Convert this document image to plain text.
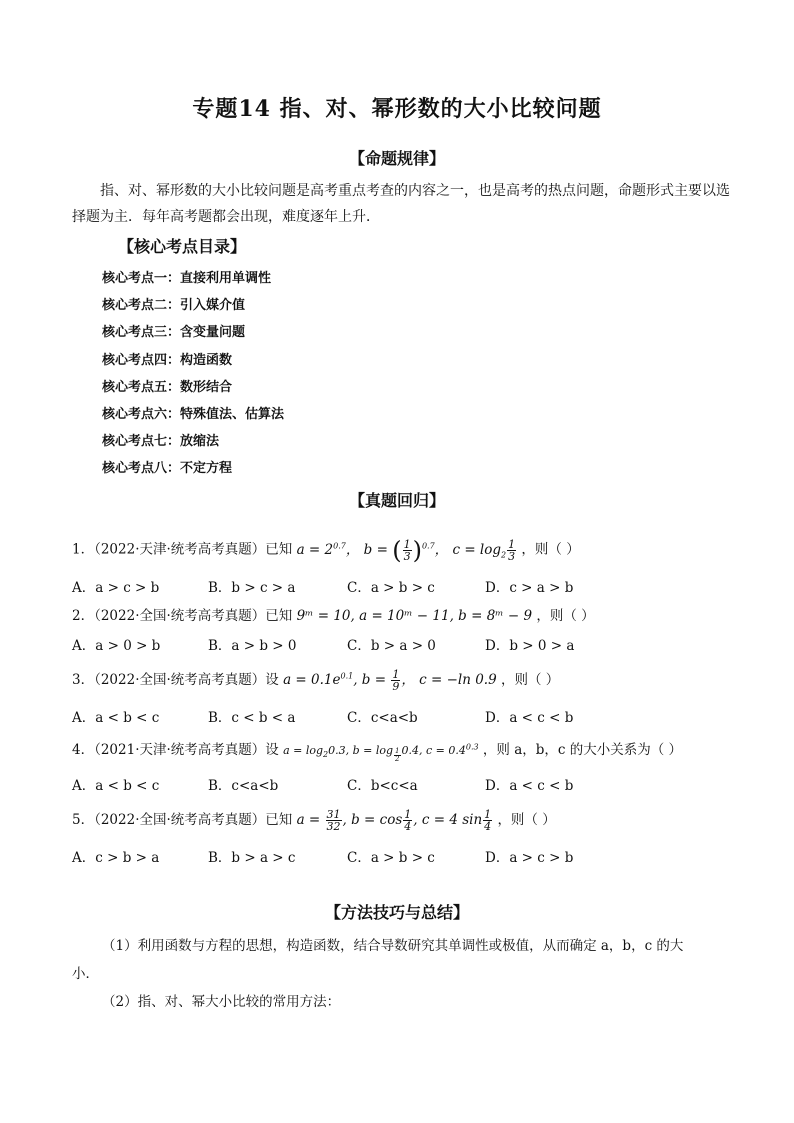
专题14 指、对、幂形数的大小比较问题
【命题规律】
指、对、幂形数的大小比较问题是高考重点考查的内容之一，也是高考的热点问题，命题形式主要以选择题为主．每年高考题都会出现，难度逐年上升．
【核心考点目录】
核心考点一：直接利用单调性
核心考点二：引入媒介值
核心考点三：含变量问题
核心考点四：构造函数
核心考点五：数形结合
核心考点六：特殊值法、估算法
核心考点七：放缩法
核心考点八：不定方程
【真题回归】
1．（2022·天津·统考高考真题）已知 $a = 2^{0.7}$， b = ( $\frac{1}{3} )^{0.7}$， $c = \log_2 \frac{1}{3}$ ，则（ ）
A．a > c > b	B．b > c > a	C．a > b > c	D．c > a > b
2．（2022·全国·统考高考真题）已知 9ᵐ = 10, a = 10ᵐ − 11, b = 8ᵐ − 9 ，则（ ）
A．a > 0 > b	B．a > b > 0	C．b > a > 0	D．b > 0 > a
3．（2022·全国·统考高考真题）设 $a = 0.1e^{0.1}$, $b = \frac{1}{9}$ ， c = −ln 0.9 ，则（ ）
A．a < b < c	B．c < b < a	C．c<a<b	D．a < c < b
4．（2021·天津·统考高考真题）设 $a = \log_20.3$, b = log $_{\frac{1}{2}}$ 0.4, $c = 0.4^{0.3}$ ，则 a，b，c 的大小关系为（ ）
A．a < b < c	B．c<a<b	C．b<c<a	D．a < c < b
5．（2022·全国·统考高考真题）已知 $a = \frac{31}{32}$ , $b = \cos \frac{1}{4}$ , c = 4 $\sin \frac{1}{4}$ ，则（ ）
A．c > b > a	B．b > a > c	C．a > b > c	D．a > c > b
【方法技巧与总结】
（1）利用函数与方程的思想，构造函数，结合导数研究其单调性或极值，从而确定 a，b，c 的大
小．
（2）指、对、幂大小比较的常用方法：
